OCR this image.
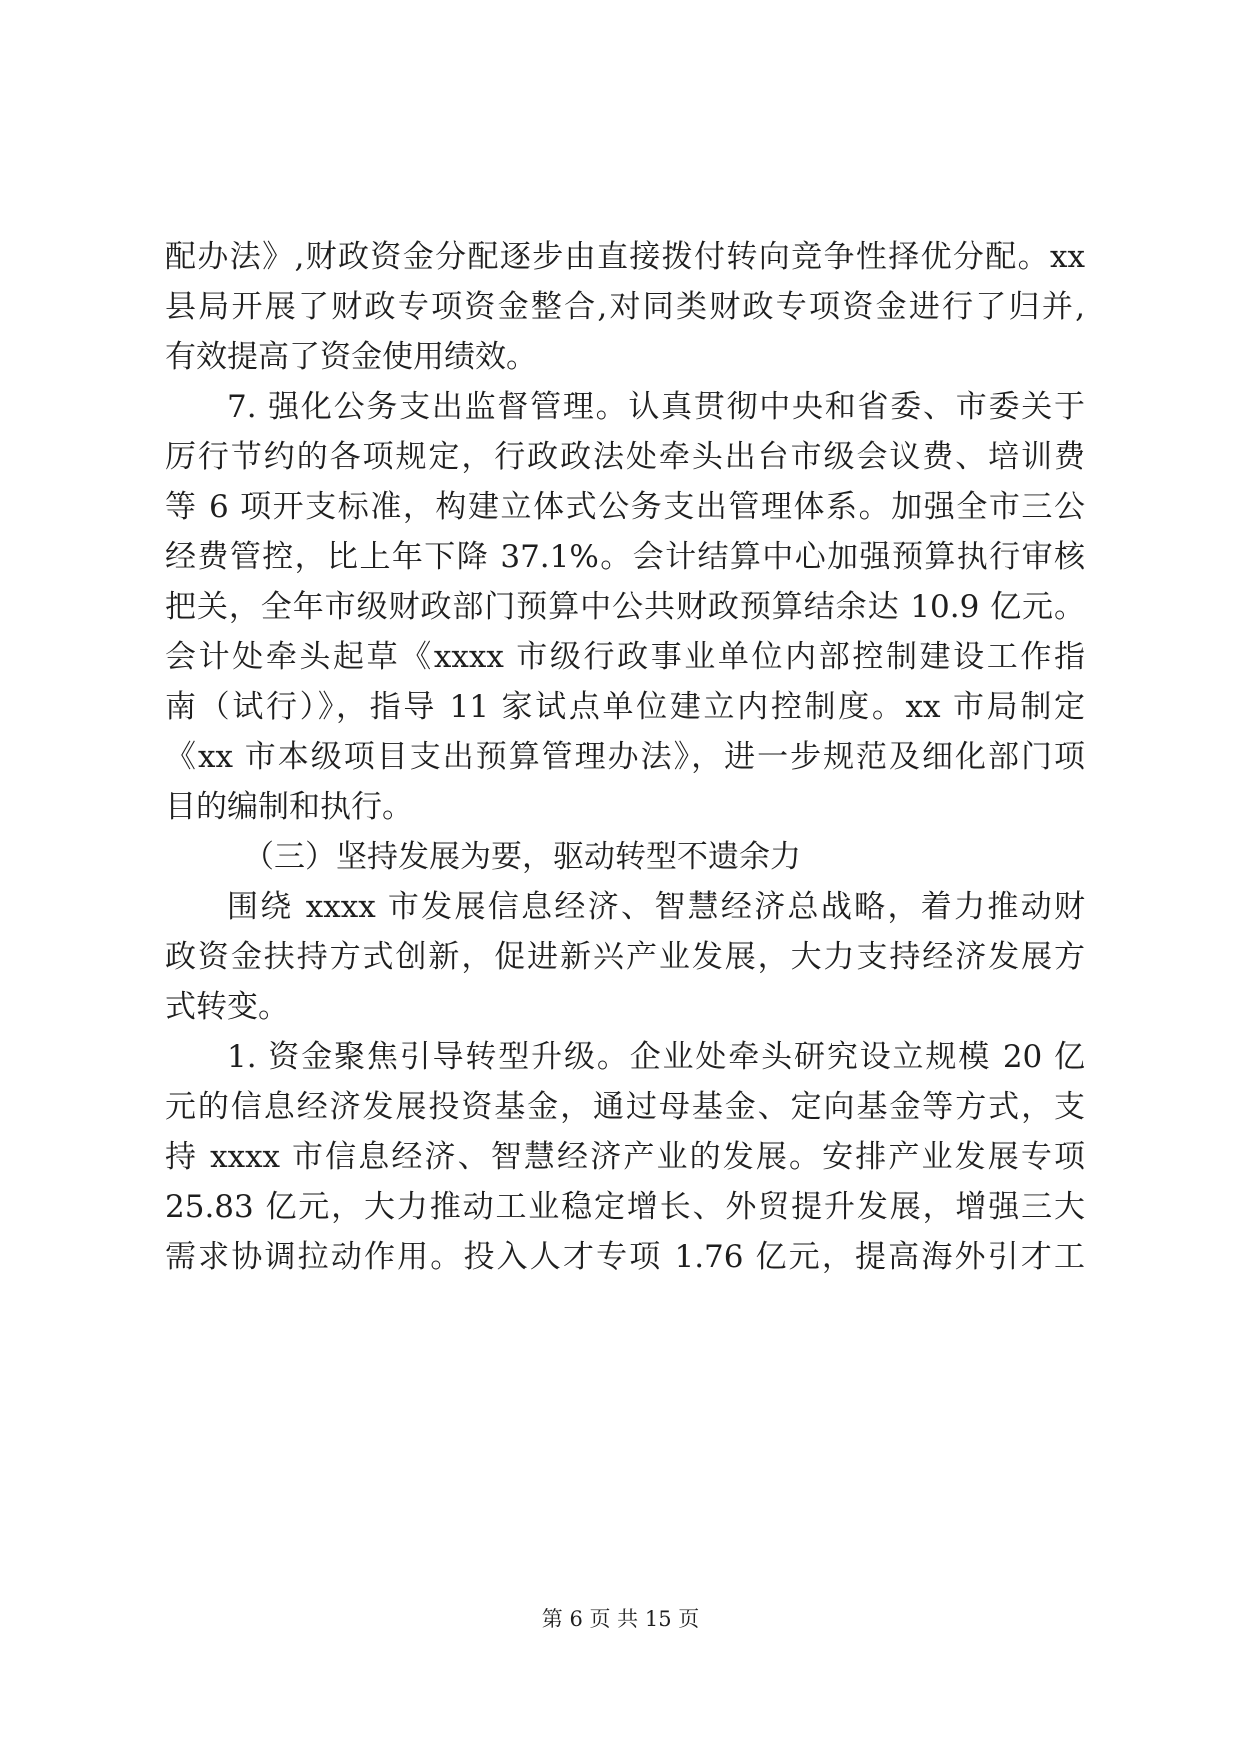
配办法》,财政资金分配逐步由直接拨付转向竞争性择优分配。xx

县局开展了财政专项资金整合,对同类财政专项资金进行了归并,

有效提高了资金使用绩效。

7. 强化公务支出监督管理。认真贯彻中央和省委、市委关于

厉行节约的各项规定，行政政法处牵头出台市级会议费、培训费

等 6 项开支标准，构建立体式公务支出管理体系。加强全市三公

经费管控，比上年下降 37.1%。会计结算中心加强预算执行审核

把关，全年市级财政部门预算中公共财政预算结余达 10.9 亿元。

会计处牵头起草《xxxx 市级行政事业单位内部控制建设工作指

南（试行）》，指导 11 家试点单位建立内控制度。xx 市局制定

《xx 市本级项目支出预算管理办法》，进一步规范及细化部门项

目的编制和执行。

（三）坚持发展为要，驱动转型不遗余力

围绕 xxxx 市发展信息经济、智慧经济总战略，着力推动财

政资金扶持方式创新，促进新兴产业发展，大力支持经济发展方

式转变。

1. 资金聚焦引导转型升级。企业处牵头研究设立规模 20 亿

元的信息经济发展投资基金，通过母基金、定向基金等方式，支

持 xxxx 市信息经济、智慧经济产业的发展。安排产业发展专项

25.83 亿元，大力推动工业稳定增长、外贸提升发展，增强三大

需求协调拉动作用。投入人才专项 1.76 亿元，提高海外引才工

第 6 页 共 15 页
